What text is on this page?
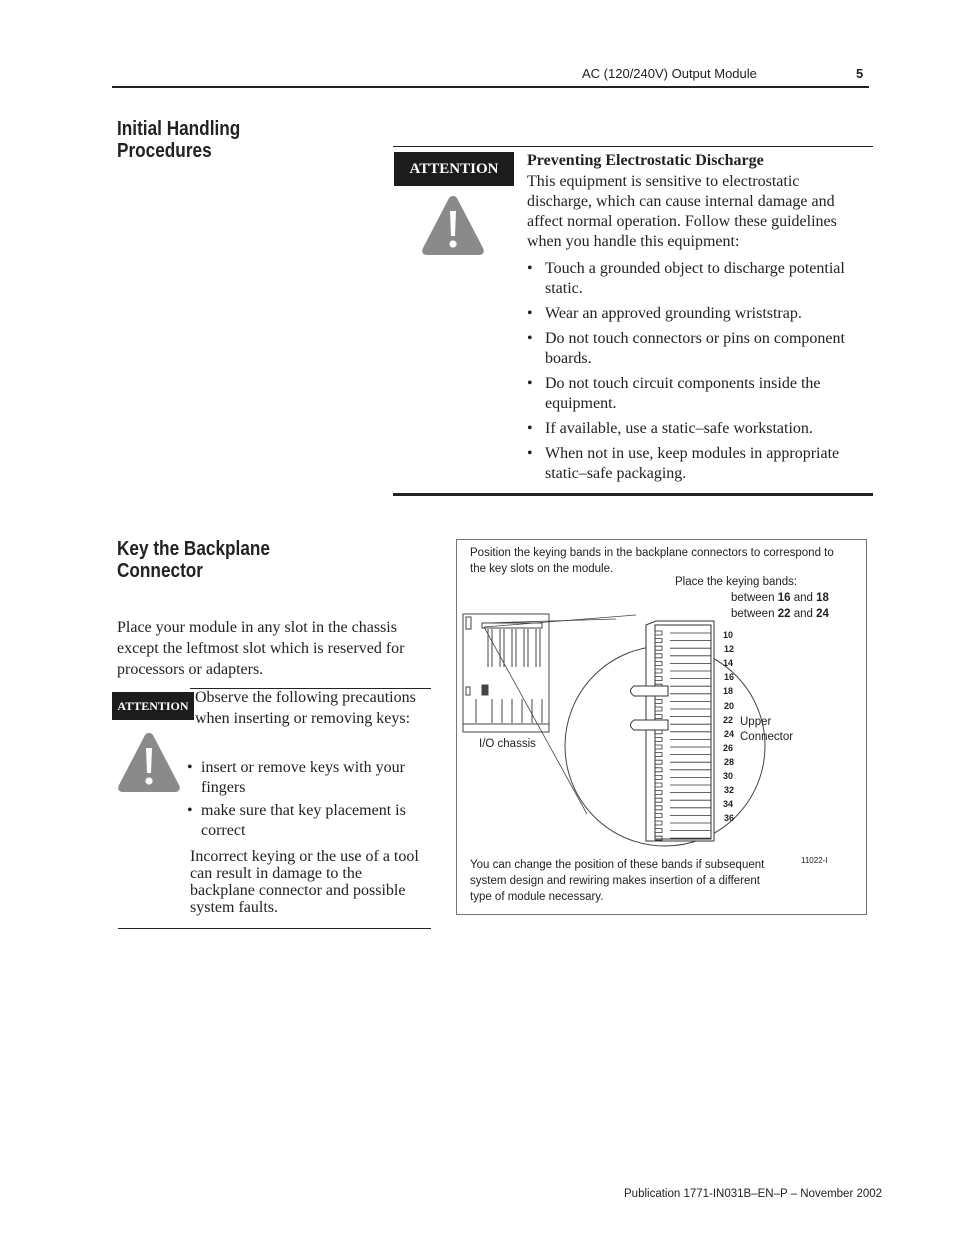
AC (120/240V) Output Module	5
Initial Handling
Procedures
ATTENTION	Preventing Electrostatic Discharge
This equipment is sensitive to electrostatic discharge, which can cause internal damage and affect normal operation. Follow these guidelines when you handle this equipment:
• Touch a grounded object to discharge potential static.
• Wear an approved grounding wriststrap.
• Do not touch connectors or pins on component boards.
• Do not touch circuit components inside the equipment.
• If available, use a static–safe workstation.
• When not in use, keep modules in appropriate static–safe packaging.
Key the Backplane
Connector
Place your module in any slot in the chassis except the leftmost slot which is reserved for processors or adapters.
ATTENTION Observe the following precautions when inserting or removing keys:
• insert or remove keys with your fingers
• make sure that key placement is correct
Incorrect keying or the use of a tool can result in damage to the backplane connector and possible system faults.
Position the keying bands in the backplane connectors to correspond to the key slots on the module.
Place the keying bands:
between 16 and 18
between 22 and 24
10
12
14
16
18
20
22
24
26
28
30
32
34
36
I/O chassis
Upper
Connector
You can change the position of these bands if subsequent system design and rewiring makes insertion of a different type of module necessary.
11022-I
Publication 1771-IN031B–EN–P – November 2002
